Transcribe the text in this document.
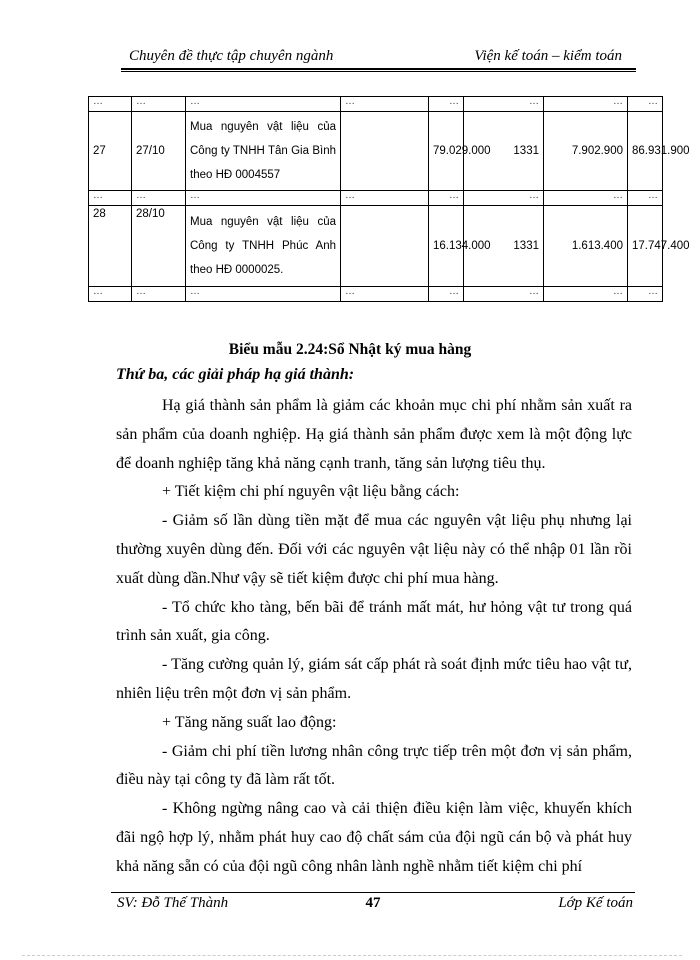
Chuyên đề thực tập chuyên ngành	Viện kế toán – kiểm toán
…	…	…	…	…	…	…	…
27	27/10	Mua nguyên vật liệu của Công ty TNHH Tân Gia Bình theo HĐ 0004557		79.029.000	1331	7.902.900	86.931.900
…	…	…	…	…	…	…	…
28	28/10	Mua nguyên vật liệu của Công ty TNHH Phúc Anh theo HĐ 0000025.		16.134.000	1331	1.613.400	17.747.400
…	…	…	…	…	…	…	…
Biểu mẫu 2.24:Sổ Nhật ký mua hàng
Thứ ba, các giải pháp hạ giá thành:

Hạ giá thành sản phẩm là giảm các khoản mục chi phí nhằm sản xuất ra sản phẩm của doanh nghiệp. Hạ giá thành sản phẩm được xem là một động lực để doanh nghiệp tăng khả năng cạnh tranh, tăng sản lượng tiêu thụ.

+ Tiết kiệm chi phí nguyên vật liệu bằng cách:

- Giảm số lần dùng tiền mặt để mua các nguyên vật liệu phụ nhưng lại thường xuyên dùng đến. Đối với các nguyên vật liệu này có thể nhập 01 lần rồi xuất dùng dần.Như vậy sẽ tiết kiệm được chi phí mua hàng.

- Tổ chức kho tàng, bến bãi để tránh mất mát, hư hỏng vật tư trong quá trình sản xuất, gia công.

- Tăng cường quản lý, giám sát cấp phát rà soát định mức tiêu hao vật tư, nhiên liệu trên một đơn vị sản phẩm.

+ Tăng năng suất lao động:

- Giảm chi phí tiền lương nhân công trực tiếp trên một đơn vị sản phẩm, điều này tại công ty đã làm rất tốt.

- Không ngừng nâng cao và cải thiện điều kiện làm việc, khuyến khích đãi ngộ hợp lý, nhằm phát huy cao độ chất sám của đội ngũ cán bộ và phát huy khả năng sẵn có của đội ngũ công nhân lành nghề nhằm tiết kiệm chi phí

SV: Đỗ Thế Thành	47	Lớp Kế toán
